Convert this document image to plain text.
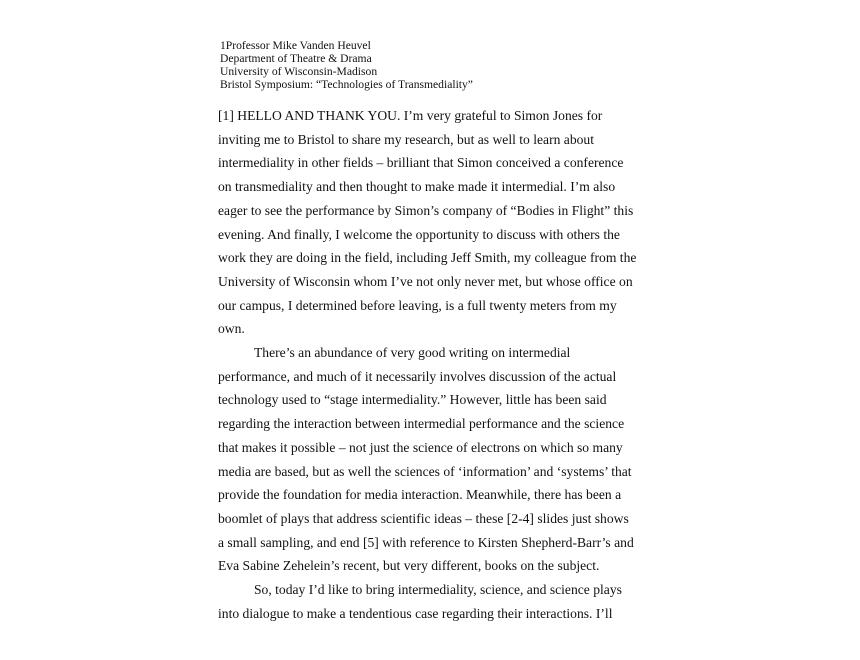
1Professor Mike Vanden Heuvel
Department of Theatre & Drama
University of Wisconsin-Madison
Bristol Symposium: “Technologies of Transmediality”
[1] HELLO AND THANK YOU. I’m very grateful to Simon Jones for
inviting me to Bristol to share my research, but as well to learn about
intermediality in other fields – brilliant that Simon conceived a conference
on transmediality and then thought to make made it intermedial. I’m also
eager to see the performance by Simon’s company of “Bodies in Flight” this
evening. And finally, I welcome the opportunity to discuss with others the
work they are doing in the field, including Jeff Smith, my colleague from the
University of Wisconsin whom I’ve not only never met, but whose office on
our campus, I determined before leaving, is a full twenty meters from my
own.
There’s an abundance of very good writing on intermedial
performance, and much of it necessarily involves discussion of the actual
technology used to “stage intermediality.” However, little has been said
regarding the interaction between intermedial performance and the science
that makes it possible – not just the science of electrons on which so many
media are based, but as well the sciences of ‘information’ and ‘systems’ that
provide the foundation for media interaction. Meanwhile, there has been a
boomlet of plays that address scientific ideas – these [2-4] slides just shows
a small sampling, and end [5] with reference to Kirsten Shepherd-Barr’s and
Eva Sabine Zehelein’s recent, but very different, books on the subject.
So, today I’d like to bring intermediality, science, and science plays
into dialogue to make a tendentious case regarding their interactions. I’ll
